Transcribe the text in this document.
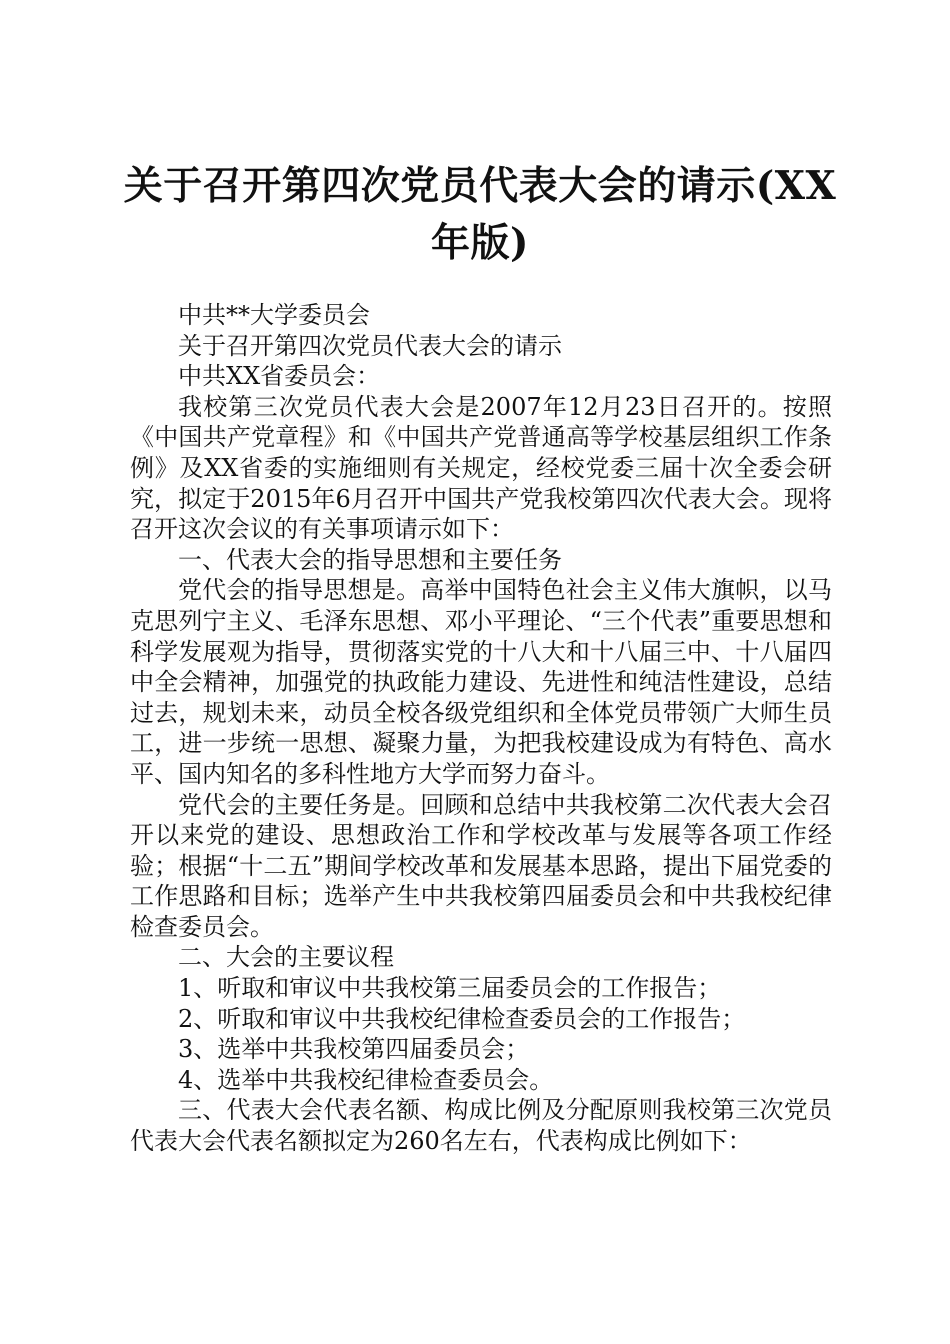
关于召开第四次党员代表大会的请示(XX年版)

中共**大学委员会

关于召开第四次党员代表大会的请示

中共XX省委员会：

我校第三次党员代表大会是2007年12月23日召开的。按照《中国共产党章程》和《中国共产党普通高等学校基层组织工作条例》及XX省委的实施细则有关规定，经校党委三届十次全委会研究，拟定于2015年6月召开中国共产党我校第四次代表大会。现将召开这次会议的有关事项请示如下：

一、代表大会的指导思想和主要任务

党代会的指导思想是。高举中国特色社会主义伟大旗帜，以马克思列宁主义、毛泽东思想、邓小平理论、“三个代表”重要思想和科学发展观为指导，贯彻落实党的十八大和十八届三中、十八届四中全会精神，加强党的执政能力建设、先进性和纯洁性建设，总结过去，规划未来，动员全校各级党组织和全体党员带领广大师生员工，进一步统一思想、凝聚力量，为把我校建设成为有特色、高水平、国内知名的多科性地方大学而努力奋斗。

党代会的主要任务是。回顾和总结中共我校第二次代表大会召开以来党的建设、思想政治工作和学校改革与发展等各项工作经验；根据“十二五”期间学校改革和发展基本思路，提出下届党委的工作思路和目标；选举产生中共我校第四届委员会和中共我校纪律检查委员会。

二、大会的主要议程

1、听取和审议中共我校第三届委员会的工作报告；

2、听取和审议中共我校纪律检查委员会的工作报告；

3、选举中共我校第四届委员会；

4、选举中共我校纪律检查委员会。

三、代表大会代表名额、构成比例及分配原则我校第三次党员代表大会代表名额拟定为260名左右，代表构成比例如下：
